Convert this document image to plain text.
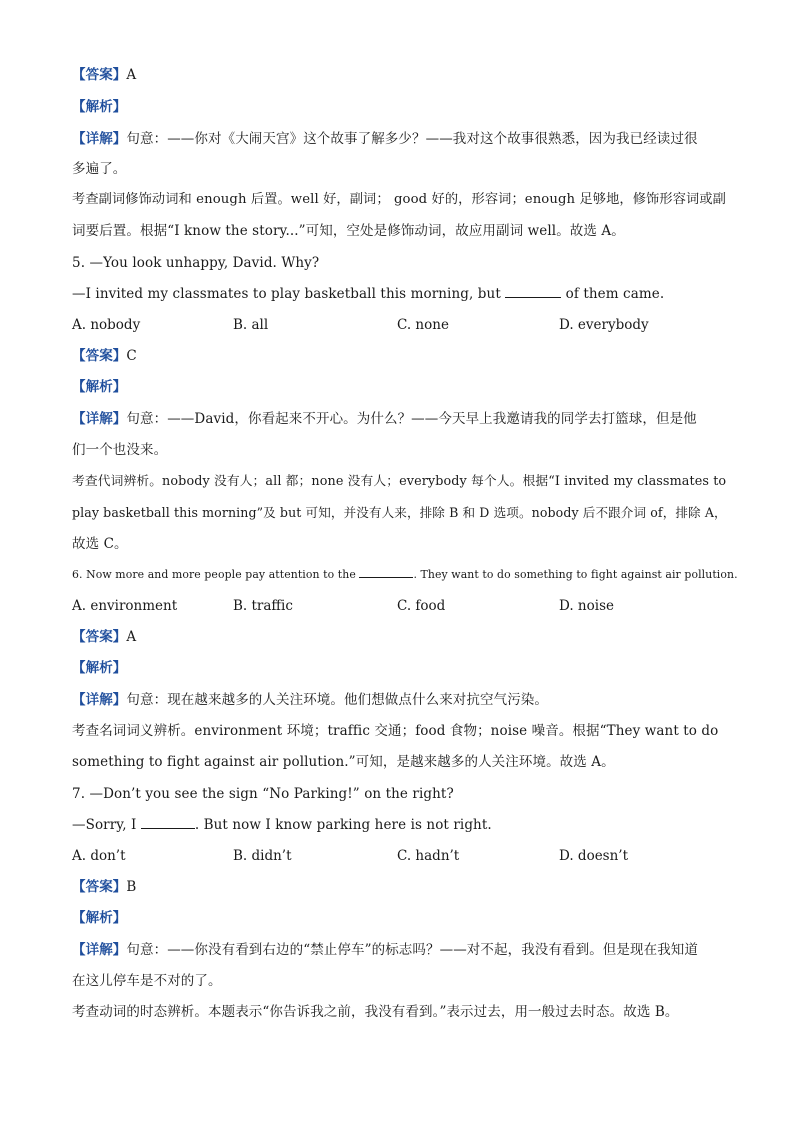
【答案】A
【解析】
【详解】句意：——你对《大闹天宫》这个故事了解多少？——我对这个故事很熟悉，因为我已经读过很
多遍了。
考查副词修饰动词和 enough 后置。well 好，副词； good 好的，形容词；enough 足够地，修饰形容词或副
词要后置。根据“I know the story...”可知，空处是修饰动词，故应用副词 well。故选 A。
5. —You look unhappy, David. Why?
—I invited my classmates to play basketball this morning, but	of them came.
A. nobody	B. all	C. none	D. everybody
【答案】C
【解析】
【详解】句意：——David，你看起来不开心。为什么？——今天早上我邀请我的同学去打篮球，但是他
们一个也没来。
考查代词辨析。nobody 没有人；all 都；none 没有人；everybody 每个人。根据“I invited my classmates to
play basketball this morning”及 but 可知，并没有人来，排除 B 和 D 选项。nobody 后不跟介词 of，排除 A，
故选 C。
6. Now more and more people pay attention to the	. They want to do something to fight against air pollution.
A. environment	B. traffic	C. food	D. noise
【答案】A
【解析】
【详解】句意：现在越来越多的人关注环境。他们想做点什么来对抗空气污染。
考查名词词义辨析。environment 环境；traffic 交通；food 食物；noise 噪音。根据“They want to do
something to fight against air pollution.”可知，是越来越多的人关注环境。故选 A。
7. —Don’t you see the sign “No Parking!” on the right?
—Sorry, I	. But now I know parking here is not right.
A. don’t	B. didn’t	C. hadn’t	D. doesn’t
【答案】B
【解析】
【详解】句意：——你没有看到右边的“禁止停车”的标志吗？——对不起，我没有看到。但是现在我知道
在这儿停车是不对的了。
考查动词的时态辨析。本题表示“你告诉我之前，我没有看到。”表示过去，用一般过去时态。故选 B。
